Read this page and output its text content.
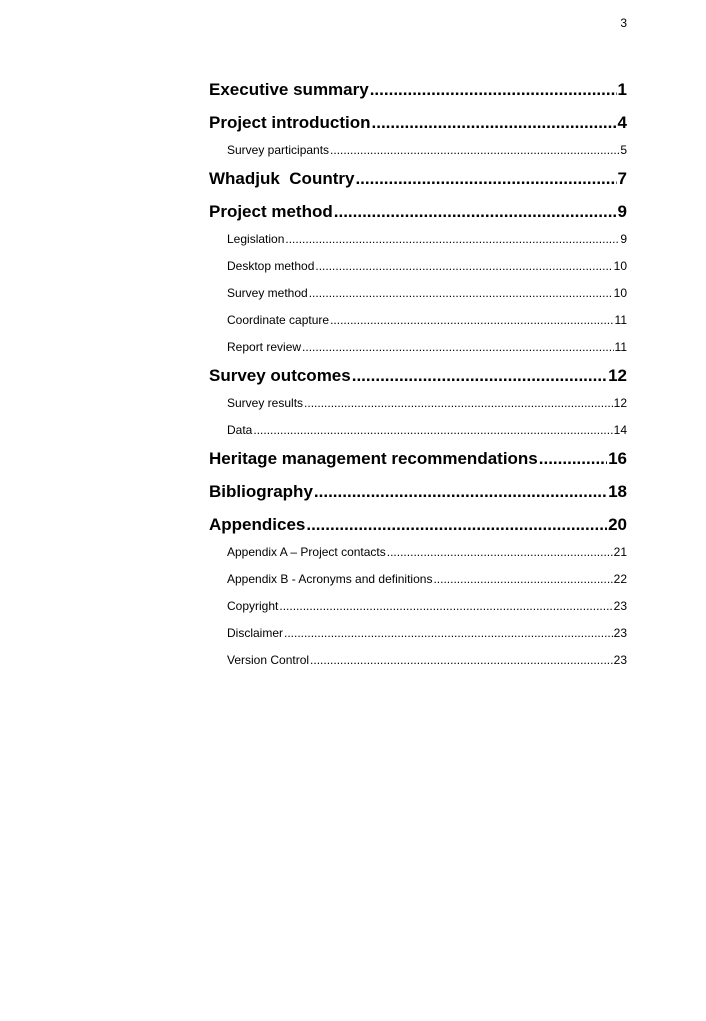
3
Executive summary .....	1
Project introduction .....	4
Survey participants .....	5
Whadjuk  Country .....	7
Project method .....	9
Legislation .....	9
Desktop method .....	10
Survey method .....	10
Coordinate capture .....	11
Report review .....	11
Survey outcomes .....	12
Survey results .....	12
Data .....	14
Heritage management recommendations .....	16
Bibliography .....	18
Appendices .....	20
Appendix A – Project contacts .....	21
Appendix B - Acronyms and definitions .....	22
Copyright .....	23
Disclaimer .....	23
Version Control .....	23
